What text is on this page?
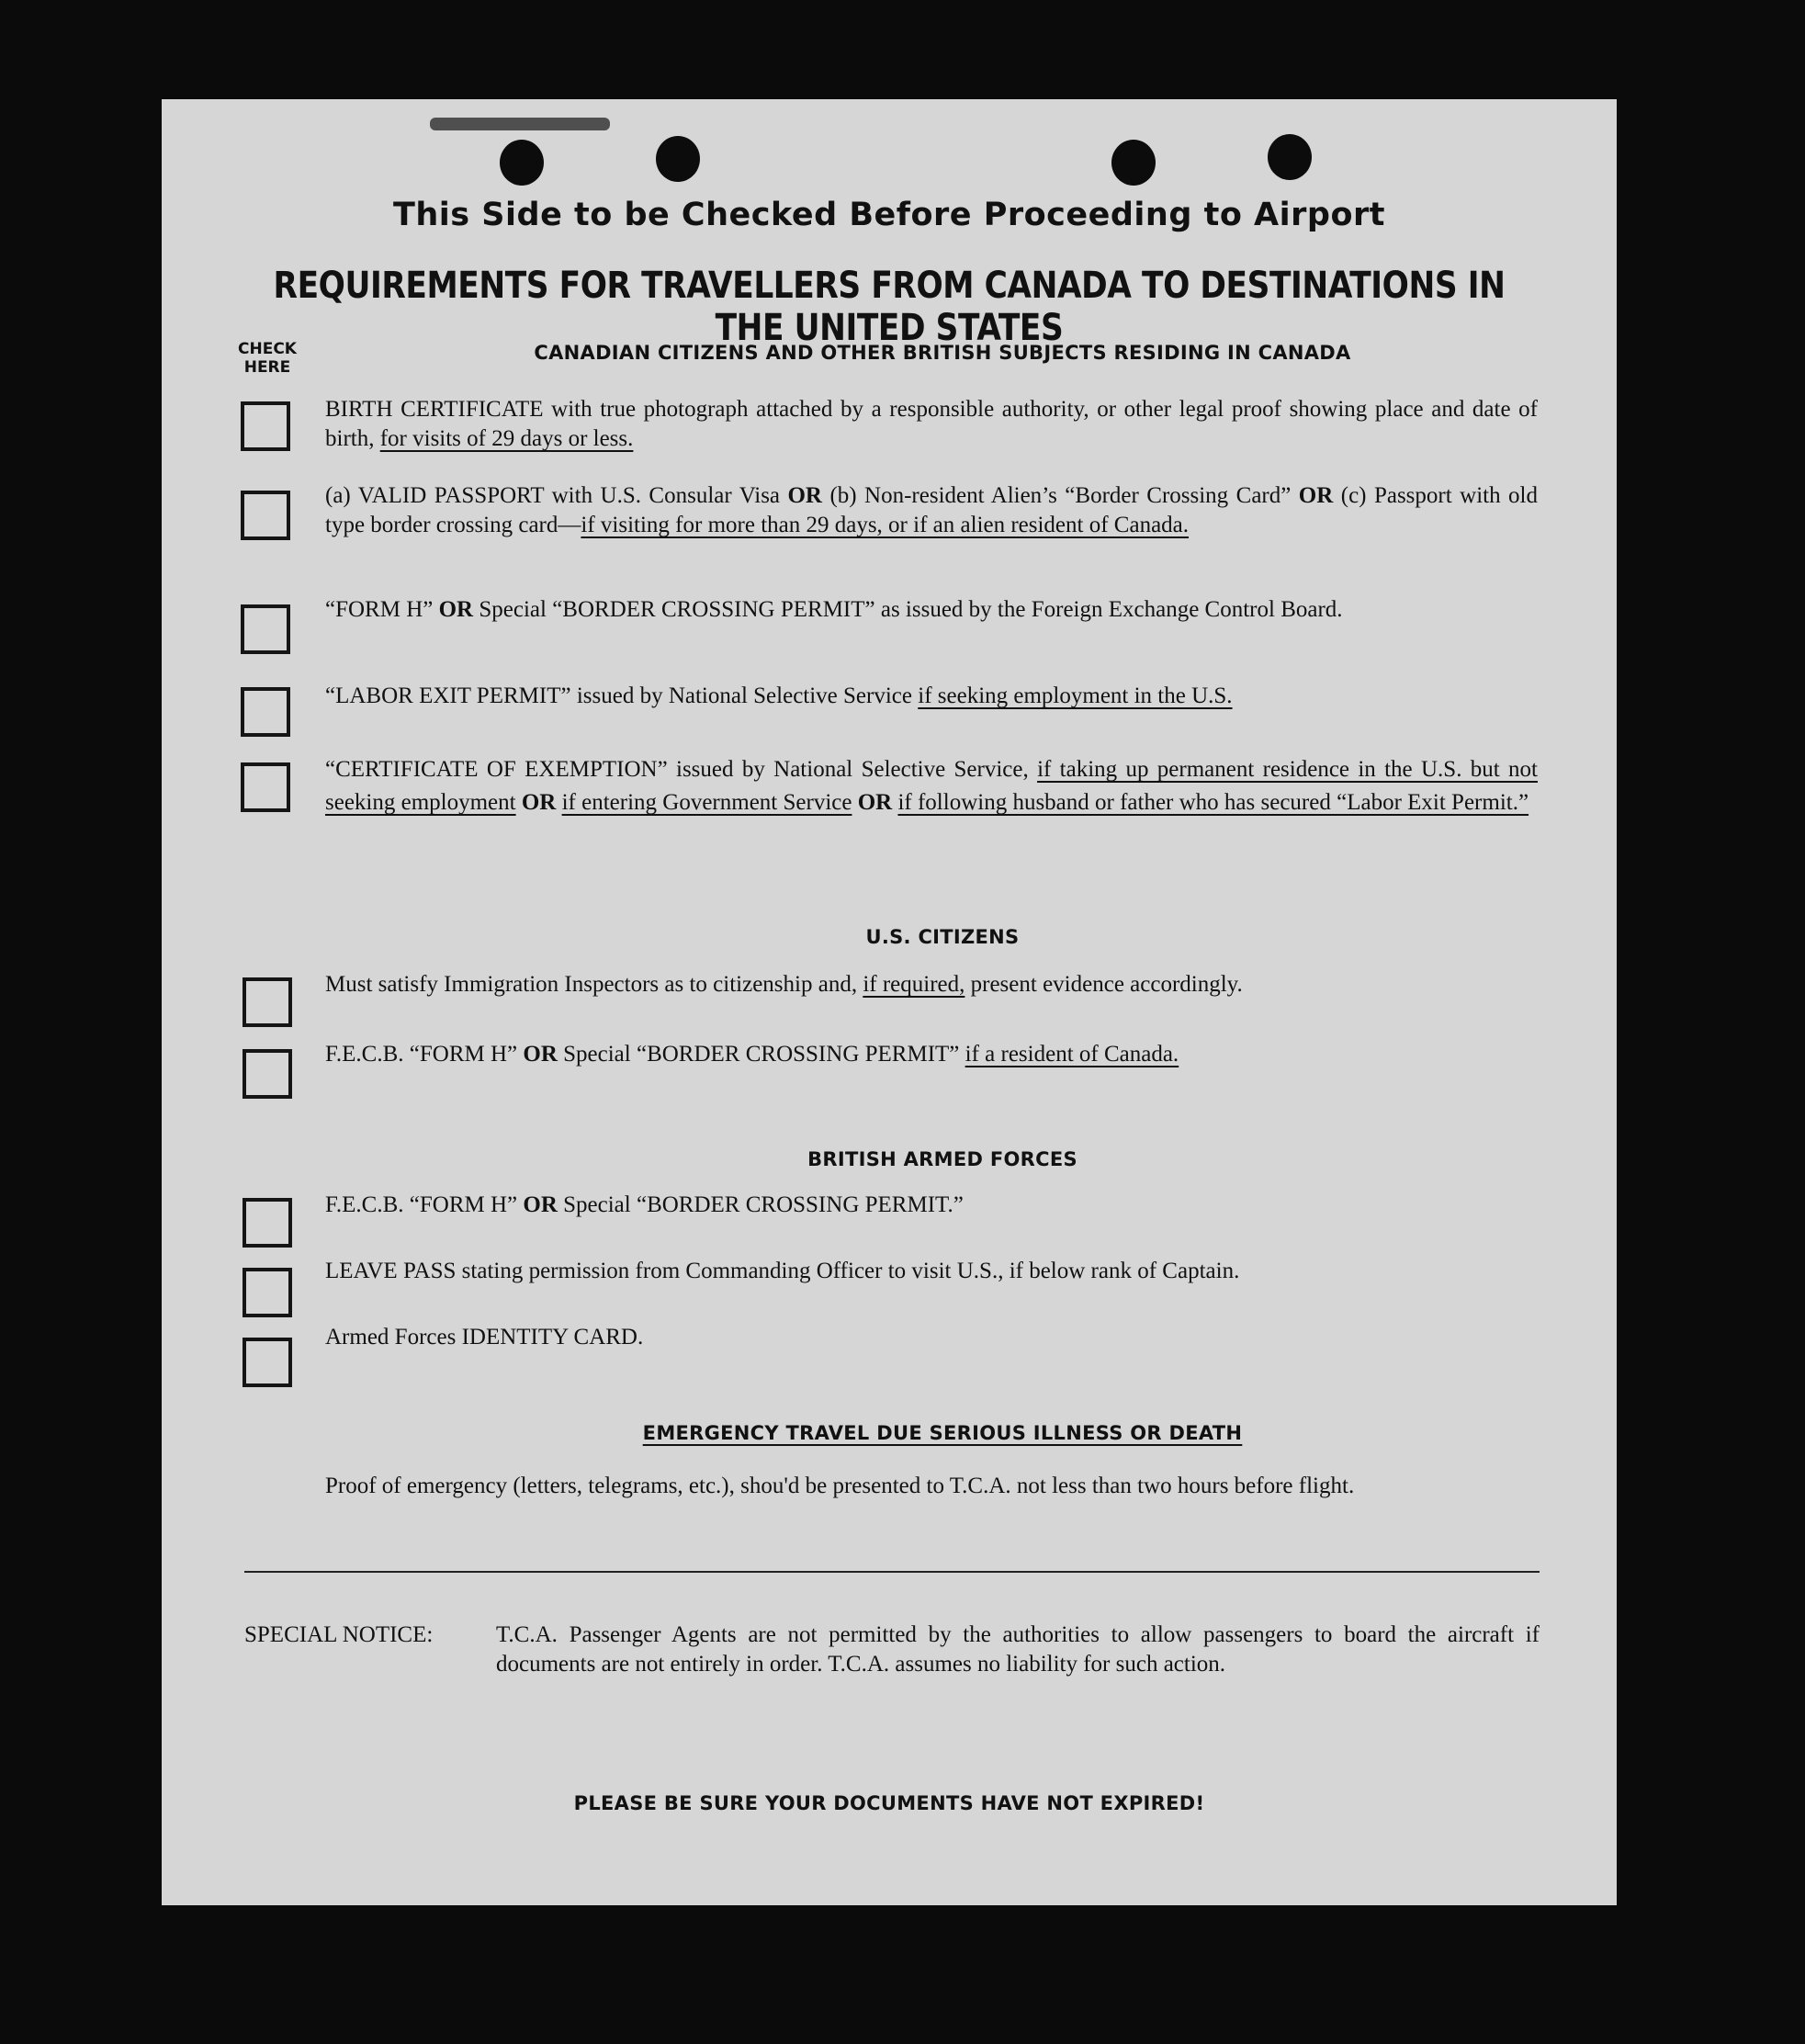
This Side to be Checked Before Proceeding to Airport
REQUIREMENTS FOR TRAVELLERS FROM CANADA TO DESTINATIONS IN THE UNITED STATES
CHECK
HERE
CANADIAN CITIZENS AND OTHER BRITISH SUBJECTS RESIDING IN CANADA
BIRTH CERTIFICATE with true photograph attached by a responsible authority, or other legal proof showing place and date of birth, for visits of 29 days or less.
(a) VALID PASSPORT with U.S. Consular Visa OR (b) Non-resident Alien’s “Border Crossing Card” OR (c) Passport with old type border crossing card—if visiting for more than 29 days, or if an alien resident of Canada.
“FORM H” OR Special “BORDER CROSSING PERMIT” as issued by the Foreign Exchange Control Board.
“LABOR EXIT PERMIT” issued by National Selective Service if seeking employment in the U.S.
“CERTIFICATE OF EXEMPTION” issued by National Selective Service, if taking up permanent residence in the U.S. but not seeking employment OR if entering Government Service OR if following husband or father who has secured “Labor Exit Permit.”
U.S. CITIZENS
Must satisfy Immigration Inspectors as to citizenship and, if required, present evidence accordingly.
F.E.C.B. “FORM H” OR Special “BORDER CROSSING PERMIT” if a resident of Canada.
BRITISH ARMED FORCES
F.E.C.B. “FORM H” OR Special “BORDER CROSSING PERMIT.”
LEAVE PASS stating permission from Commanding Officer to visit U.S., if below rank of Captain.
Armed Forces IDENTITY CARD.
EMERGENCY TRAVEL DUE SERIOUS ILLNESS OR DEATH
Proof of emergency (letters, telegrams, etc.), shou'd be presented to T.C.A. not less than two hours before flight.
SPECIAL NOTICE:	T.C.A. Passenger Agents are not permitted by the authorities to allow passengers to board the aircraft if documents are not entirely in order. T.C.A. assumes no liability for such action.
PLEASE BE SURE YOUR DOCUMENTS HAVE NOT EXPIRED!
